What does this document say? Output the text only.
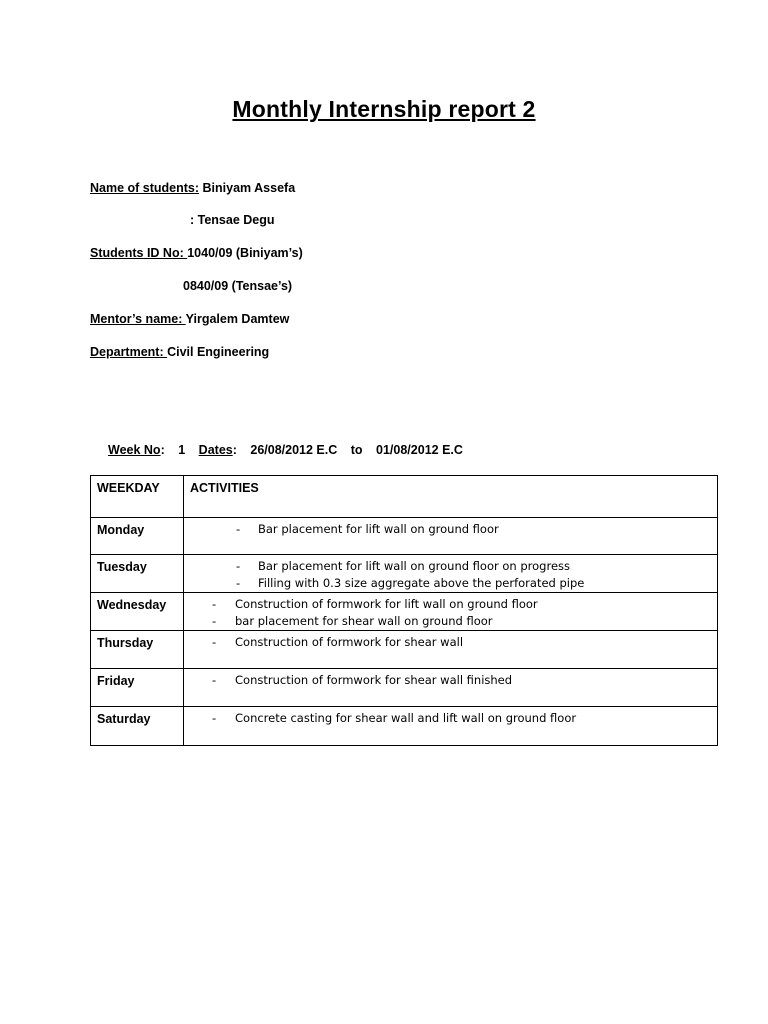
Monthly Internship report 2
Name of students: Biniyam Assefa
: Tensae Degu
Students ID No: 1040/09 (Biniyam’s)
0840/09 (Tensae’s)
Mentor’s name: Yirgalem Damtew
Department: Civil Engineering
Week No: 1 Dates: 26/08/2012 E.C to 01/08/2012 E.C
WEEKDAY	ACTIVITIES
Monday	- Bar placement for lift wall on ground floor

Tuesday	- Bar placement for lift wall on ground floor on progress
- Filling with 0.3 size aggregate above the perforated pipe

Wednesday	- Construction of formwork for lift wall on ground floor
- bar placement for shear wall on ground floor

Thursday	- Construction of formwork for shear wall

Friday	- Construction of formwork for shear wall finished

Saturday	- Concrete casting for shear wall and lift wall on ground floor
